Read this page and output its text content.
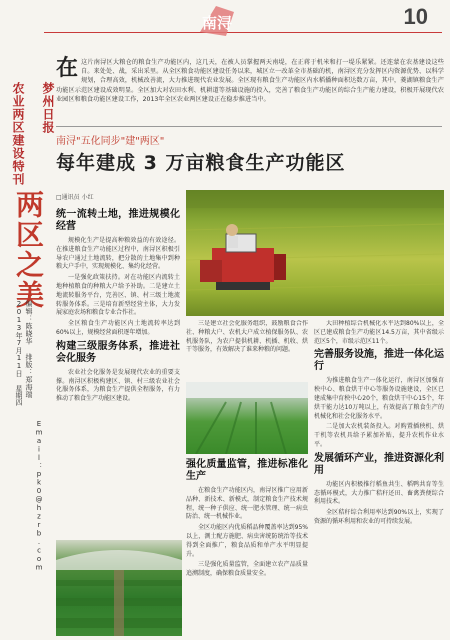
南浔	10
农业两区建设特刊 梦州日报
两区之美
编辑：陈晓华 排版：郑海瑞
2013年7月11日 星期四
Email：pk0@hzrb.com
在 这片南浔区大粮仓的粮食生产功能区内，这几天，在被人员掌握两天南堤，在正蒋于机米和打一堤乐紧紧。还连蒙在农基建设这些自。来处处、战，采出采里。从全区粮食功能区建设任务以来，城区立一改革全市基础的机，南浔区充分发挥区内资源优势、以科学规划，合理高效，机械改善流，大力推进现代农业发展。全区现有粮食生产功能区内水稻播种面积达数万亩，其中，菱湖镇粮食生产功能区示范区建设成效明显。全区加大对农田水利、机耕道等基础设施的投入，完善了粮食生产功能区的综合生产能力建设，积极开展现代农业园区和粮食功能区建设工作，2013年全区农业两区建设正在稳步推进当中。
南浔"五化同步"建"两区"
每年建成 3 万亩粮食生产功能区
□通讯员 小红
统一流转土地，推进规模化经营

规模化生产是提高种粮效益的有效途径。在推进粮食生产功能区过程中，南浔区积极引导农户通过土地流转，把分散的土地集中到种粮大户手中，实现规模化、集约化经营。

一是强化政策扶持。对在功能区内流转土地种植粮食的种粮大户给予补助。二是建立土地流转服务平台，完善区、镇、村三级土地流转服务体系。三是培育新型经营主体，大力发展家庭农场和粮食专业合作社。

全区粮食生产功能区内土地流转率达到60%以上，规模经营面积逐年增加。

构建三级服务体系，推进社会化服务

农业社会化服务是发展现代农业的重要支撑。南浔区积极构建区、镇、村三级农业社会化服务体系，为粮食生产提供全程服务，有力推动了粮食生产功能区建设。

三是建立社会化服务组织，鼓励粮食合作社、种粮大户、农机大户成立植保服务队、农机服务队，为农户提供机耕、机插、机收、烘干等服务，有效解决了谁来种粮的问题。

强化质量监管，推进标准化生产

在粮食生产功能区内，南浔区推广应用新品种、新技术、新模式，制定粮食生产技术规程，统一种子供应、统一肥水管理、统一病虫防治、统一机械作业。

全区功能区内优质稻品种覆盖率达到95%以上，测土配方施肥、病虫害统防统治等技术得到全面推广，粮食品质和单产水平明显提升。

三是强化质量监管，全面建立农产品质量追溯制度，确保粮食质量安全。

大田种植综合机械化水平达到80%以上，全区已建成粮食生产功能区14.5万亩，其中省级示范区5个，市级示范区11个。

完善服务设施，推进一体化运行

为推进粮食生产一体化运行，南浔区加强育秧中心、粮食烘干中心等服务设施建设，全区已建成集中育秧中心20个，粮食烘干中心15个，年烘干能力达10万吨以上，有效提高了粮食生产的机械化和社会化服务水平。

二是加大农机装备投入。对购置插秧机、烘干机等农机具给予累加补贴，提升农机作业水平。

发展循环产业，推进资源化利用

功能区内积极推行稻鱼共生、稻鸭共育等生态循环模式，大力推广秸秆还田、畜禽粪便综合利用技术。

全区秸秆综合利用率达到90%以上，实现了资源的循环利用和农业的可持续发展。
